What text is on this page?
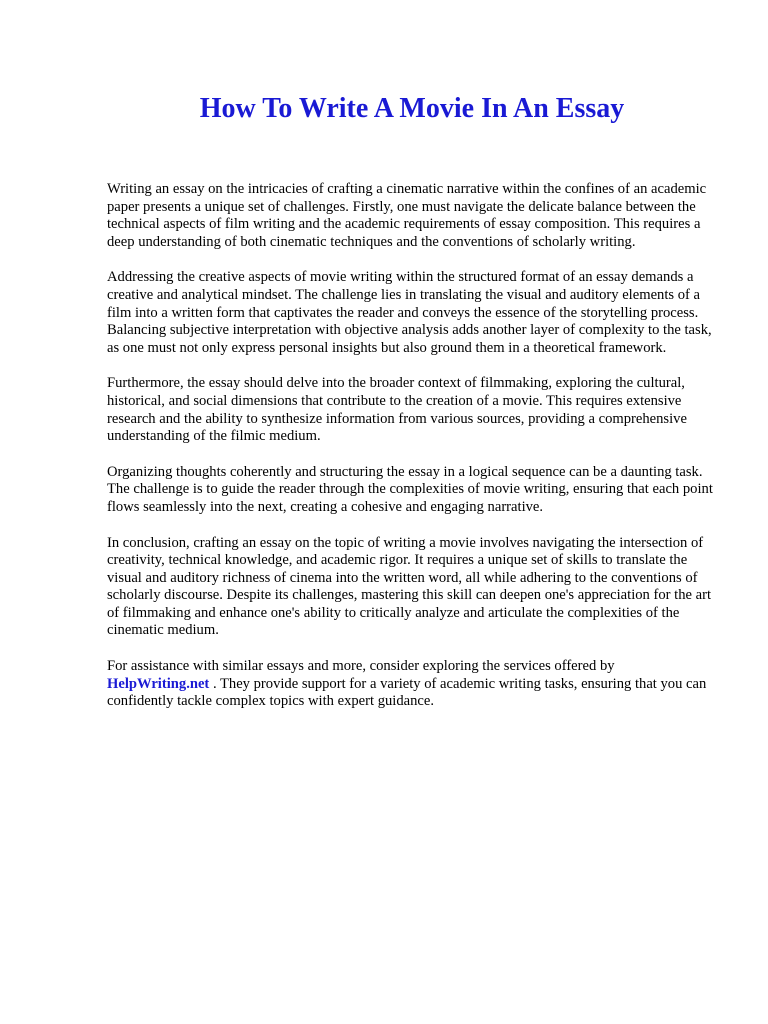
How To Write A Movie In An Essay

Writing an essay on the intricacies of crafting a cinematic narrative within the confines of an academic paper presents a unique set of challenges. Firstly, one must navigate the delicate balance between the technical aspects of film writing and the academic requirements of essay composition. This requires a deep understanding of both cinematic techniques and the conventions of scholarly writing.

Addressing the creative aspects of movie writing within the structured format of an essay demands a creative and analytical mindset. The challenge lies in translating the visual and auditory elements of a film into a written form that captivates the reader and conveys the essence of the storytelling process. Balancing subjective interpretation with objective analysis adds another layer of complexity to the task, as one must not only express personal insights but also ground them in a theoretical framework.

Furthermore, the essay should delve into the broader context of filmmaking, exploring the cultural, historical, and social dimensions that contribute to the creation of a movie. This requires extensive research and the ability to synthesize information from various sources, providing a comprehensive understanding of the filmic medium.

Organizing thoughts coherently and structuring the essay in a logical sequence can be a daunting task. The challenge is to guide the reader through the complexities of movie writing, ensuring that each point flows seamlessly into the next, creating a cohesive and engaging narrative.

In conclusion, crafting an essay on the topic of writing a movie involves navigating the intersection of creativity, technical knowledge, and academic rigor. It requires a unique set of skills to translate the visual and auditory richness of cinema into the written word, all while adhering to the conventions of scholarly discourse. Despite its challenges, mastering this skill can deepen one's appreciation for the art of filmmaking and enhance one's ability to critically analyze and articulate the complexities of the cinematic medium.

For assistance with similar essays and more, consider exploring the services offered by
HelpWriting.net . They provide support for a variety of academic writing tasks, ensuring that you can confidently tackle complex topics with expert guidance.
